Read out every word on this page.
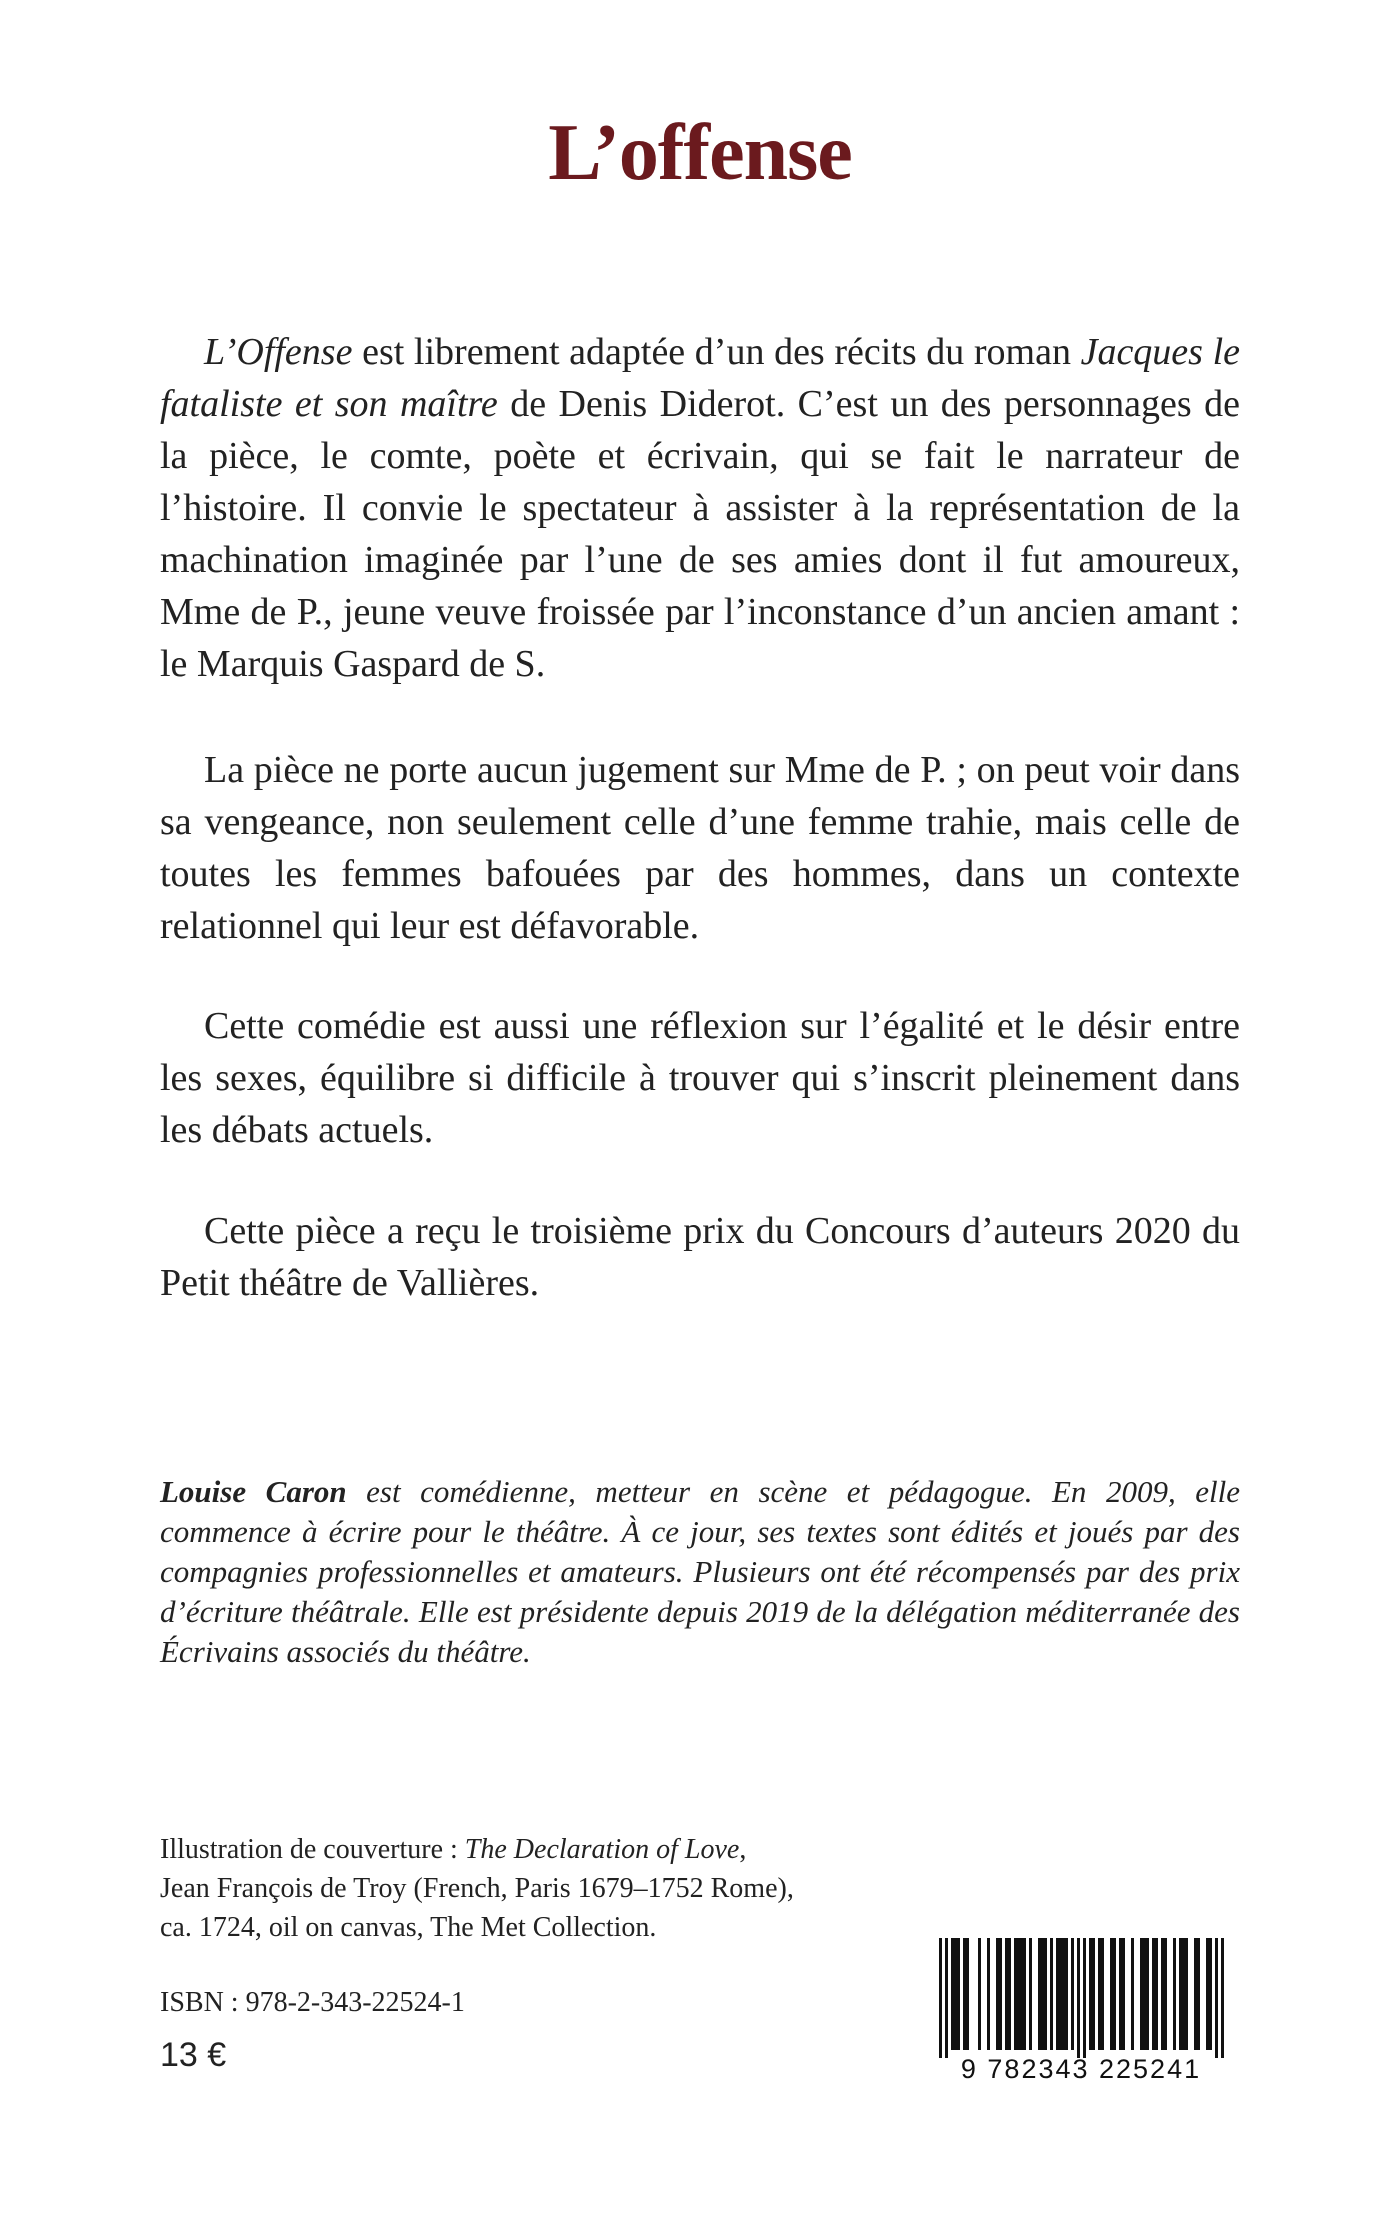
L’offense

L’Offense est librement adaptée d’un des récits du roman Jacques le fataliste et son maître de Denis Diderot. C’est un des personnages de la pièce, le comte, poète et écrivain, qui se fait le narrateur de l’histoire. Il convie le spectateur à assister à la représentation de la machination imaginée par l’une de ses amies dont il fut amoureux, Mme de P., jeune veuve froissée par l’inconstance d’un ancien amant : le Marquis Gaspard de S.

La pièce ne porte aucun jugement sur Mme de P. ; on peut voir dans sa vengeance, non seulement celle d’une femme trahie, mais celle de toutes les femmes bafouées par des hommes, dans un contexte relationnel qui leur est défavorable.

Cette comédie est aussi une réflexion sur l’égalité et le désir entre les sexes, équilibre si difficile à trouver qui s’inscrit pleinement dans les débats actuels.

Cette pièce a reçu le troisième prix du Concours d’auteurs 2020 du Petit théâtre de Vallières.

Louise Caron est comédienne, metteur en scène et pédagogue. En 2009, elle commence à écrire pour le théâtre. À ce jour, ses textes sont édités et joués par des compagnies professionnelles et amateurs. Plusieurs ont été récompensés par des prix d’écriture théâtrale. Elle est présidente depuis 2019 de la délégation méditerranée des Écrivains associés du théâtre.

Illustration de couverture : The Declaration of Love,
Jean François de Troy (French, Paris 1679–1752 Rome),
ca. 1724, oil on canvas, The Met Collection.

ISBN : 978-2-343-22524-1

13 €	9 782343 225241
